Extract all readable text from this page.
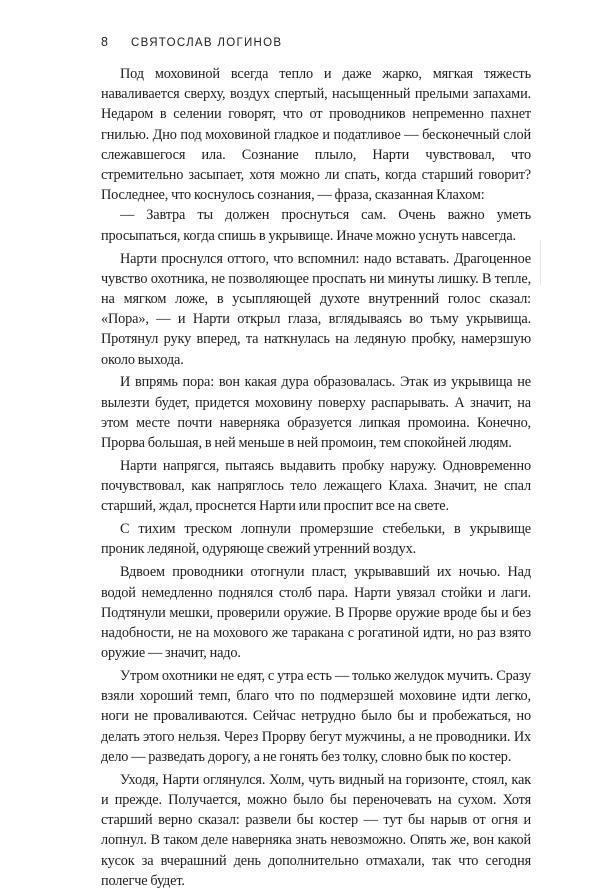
8	СВЯТОСЛАВ ЛОГИНОВ

Под моховиной всегда тепло и даже жарко, мягкая тяжесть наваливается сверху, воздух спертый, насыщенный прелыми запахами. Недаром в селении говорят, что от проводников непременно пахнет гнилью. Дно под моховиной гладкое и податливое — бесконечный слой слежавшегося ила. Сознание плыло, Нарти чувствовал, что стремительно засыпает, хотя можно ли спать, когда старший говорит? Последнее, что коснулось сознания, — фраза, сказанная Клахом:

— Завтра ты должен проснуться сам. Очень важно уметь просыпаться, когда спишь в укрывище. Иначе можно уснуть навсегда.

Нарти проснулся оттого, что вспомнил: надо вставать. Драгоценное чувство охотника, не позволяющее проспать ни минуты лишку. В тепле, на мягком ложе, в усыпляющей духоте внутренний голос сказал: «Пора», — и Нарти открыл глаза, вглядываясь во тьму укрывища. Протянул руку вперед, та наткнулась на ледяную пробку, намерзшую около выхода.

И впрямь пора: вон какая дура образовалась. Этак из укрывища не вылезти будет, придется моховину поверху распарывать. А значит, на этом месте почти наверняка образуется липкая промоина. Конечно, Прорва большая, в ней меньше в ней промоин, тем спокойней людям.

Нарти напрягся, пытаясь выдавить пробку наружу. Одновременно почувствовал, как напряглось тело лежащего Клаха. Значит, не спал старший, ждал, проснется Нарти или проспит все на свете.

С тихим треском лопнули промерзшие стебельки, в укрывище проник ледяной, одуряюще свежий утренний воздух.

Вдвоем проводники отогнули пласт, укрывавший их ночью. Над водой немедленно поднялся столб пара. Нарти увязал стойки и лаги. Подтянули мешки, проверили оружие. В Прорве оружие вроде бы и без надобности, не на мохового же таракана с рогатиной идти, но раз взято оружие — значит, надо.

Утром охотники не едят, с утра есть — только желудок мучить. Сразу взяли хороший темп, благо что по подмерзшей моховине идти легко, ноги не проваливаются. Сейчас нетрудно было бы и пробежаться, но делать этого нельзя. Через Прорву бегут мужчины, а не проводники. Их дело — разведать дорогу, а не гонять без толку, словно бык по костер.

Уходя, Нарти оглянулся. Холм, чуть видный на горизонте, стоял, как и прежде. Получается, можно было бы переночевать на сухом. Хотя старший верно сказал: развели бы костер — тут бы нарыв от огня и лопнул. В таком деле наверняка знать невозможно. Опять же, вон какой кусок за вчерашний день дополнительно отмахали, так что сегодня полегче будет.
